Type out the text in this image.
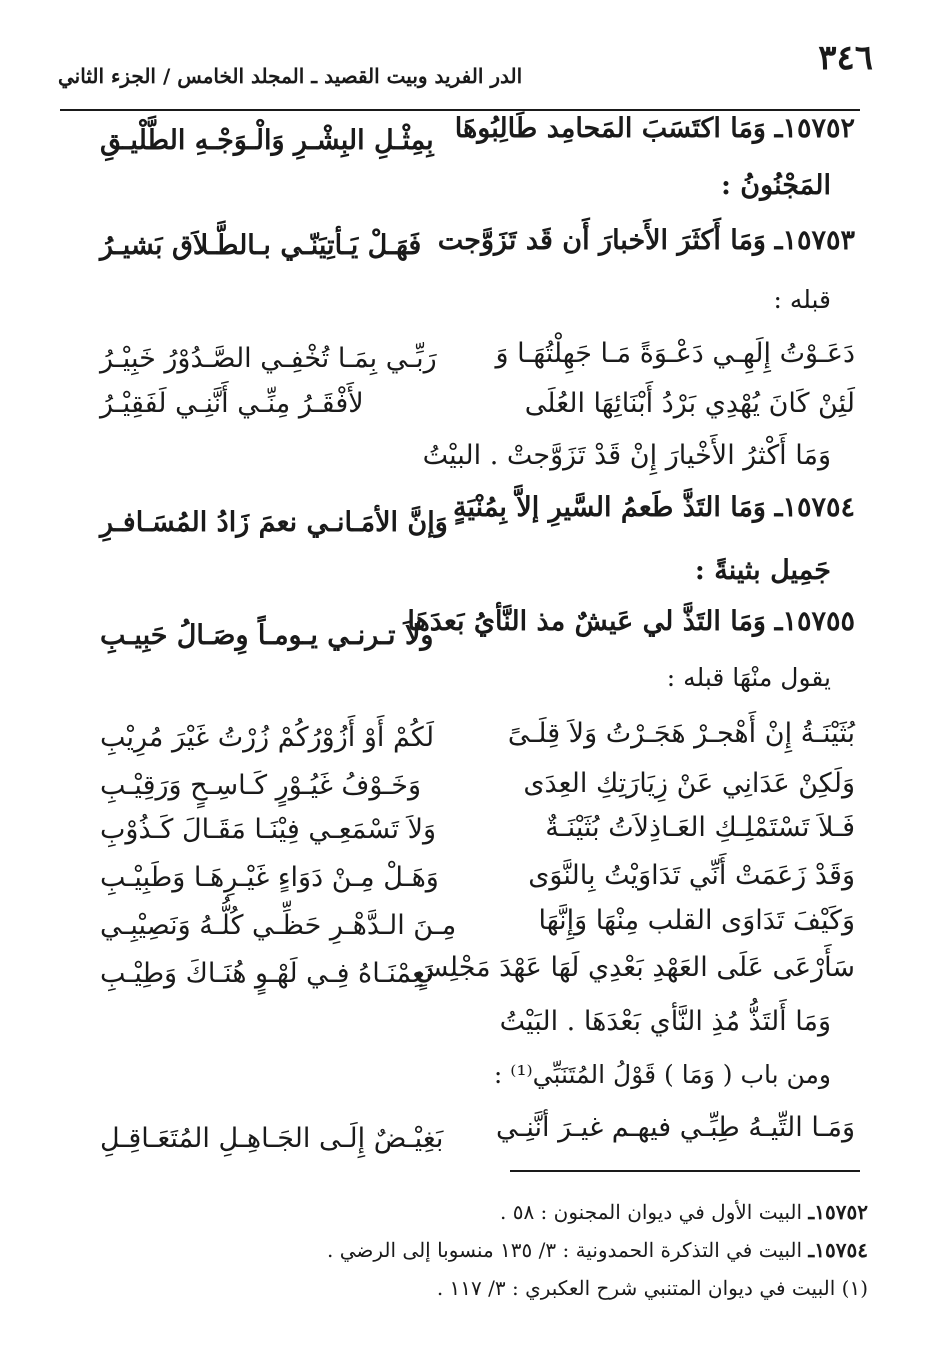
٣٤٦
الدر الفريد وبيت القصيد ـ المجلد الخامس / الجزء الثاني
١٥٧٥٢ـ وَمَا اكتَسَبَ المَحامِد طَالِبُوهَا
بِمِثْـلِ البِشْـرِ وَالْـوَجْـهِ الطَّلْيـقِ
المَجْنُونُ :
١٥٧٥٣ـ وَمَا أَكثَرَ الأَخبارَ أَن قَد تَزَوَّجت
فَهَـلْ يَـأتِيَنّـي بـالطَّـلاَق بَشيـرُ
قبله :
دَعَـوْتُ إِلَهِـي دَعْـوَةً مَـا جَهِلْتُهَـا وَ
رَبِّـي بِمَـا تُخْفِـي الصَّـدُوْرُ خَبِيْـرُ
لَئِنْ كَانَ يُهْدِي بَرْدُ أَبْنَائِهَا العُلَى
لأَفْقَـرُ مِنِّـي أَنَّنِـي لَفَقِيْـرُ
وَمَا أَكْثرُ الأَخْيارَ إِنْ قَدْ تَزَوَّجتْ . البيْتُ
١٥٧٥٤ـ وَمَا التَذَّ طَعمُ السَّيرِ إلاَّ بِمُنْيَةٍ
وَإنَّ الأمَـانـي نعمَ زَادُ المُسَـافـرِ
جَمِيل بثينةً :
١٥٧٥٥ـ وَمَا التَذَّ لي عَيشٌ مذ النَّأيُ بَعدَهَا
ولاَ تـرنـي يـومـاً وِصَـالُ حَبِيـبِ
يقول منْهَا قبله :
بُثَيْنَـةُ إِنْ أَهْجـرْ هَجَـرْتُ وَلاَ قِلَـىً
لَكُمْ أَوْ أَزُوْرُكُمْ زُرْتُ غَيْرَ مُرِيْبِ
وَلَكِنْ عَدَانِي عَنْ زِيَارَتِكِ العِدَى
وَخَـوْفُ غَيُـوْرٍ كَـاسِـحٍ وَرَقِيْـبِ
فَـلاَ تَسْتَمْلِـكِ العَـاذِلاَتُ بُثَيْنَـةٌ
وَلاَ تَسْمَعِـي فِيْنَـا مَقَـالَ كَـذُوْبِ
وَقَدْ زَعَمَتْ أَنِّي تَدَاوَيْتُ بِالنَّوَى
وَهَـلْ مِـنْ دَوَاءٍ غَيْـرِهَـا وَطَبِيْـبِ
وَكَيْفَ تَدَاوَى القلب مِنْهَا وَإِنَّهَا
مِـنَ الـدَّهْـرِ حَظِّـي كُلُّـهُ وَنَصِيْبِـي
سَأَرْعَى عَلَى العَهْدِ بَعْدِي لَهَا عَهْدَ مَجْلِسٍ
نَعِمْنَـاهُ فِـي لَهْـوٍ هُنَـاكَ وَطِيْـبِ
وَمَا أَلتَذُّ مُذِ النَّأي بَعْدَهَا . البَيْتُ
ومن باب ( وَمَا ) قَوْلُ المُتَنَبِّي⁽¹⁾ :
وَمَـا التِّيـهُ طِبِّـي فيهـم غيـرَ أنَّنِـي
بَغِيْـضٌ إِلَـى الجَـاهِـلِ المُتَعَـاقِـلِ
١٥٧٥٢ـ البيت الأول في ديوان المجنون : ٥٨ .
١٥٧٥٤ـ البيت في التذكرة الحمدونية : ٣/ ١٣٥ منسوبا إلى الرضي .
(١) البيت في ديوان المتنبي شرح العكبري : ٣/ ١١٧ .
